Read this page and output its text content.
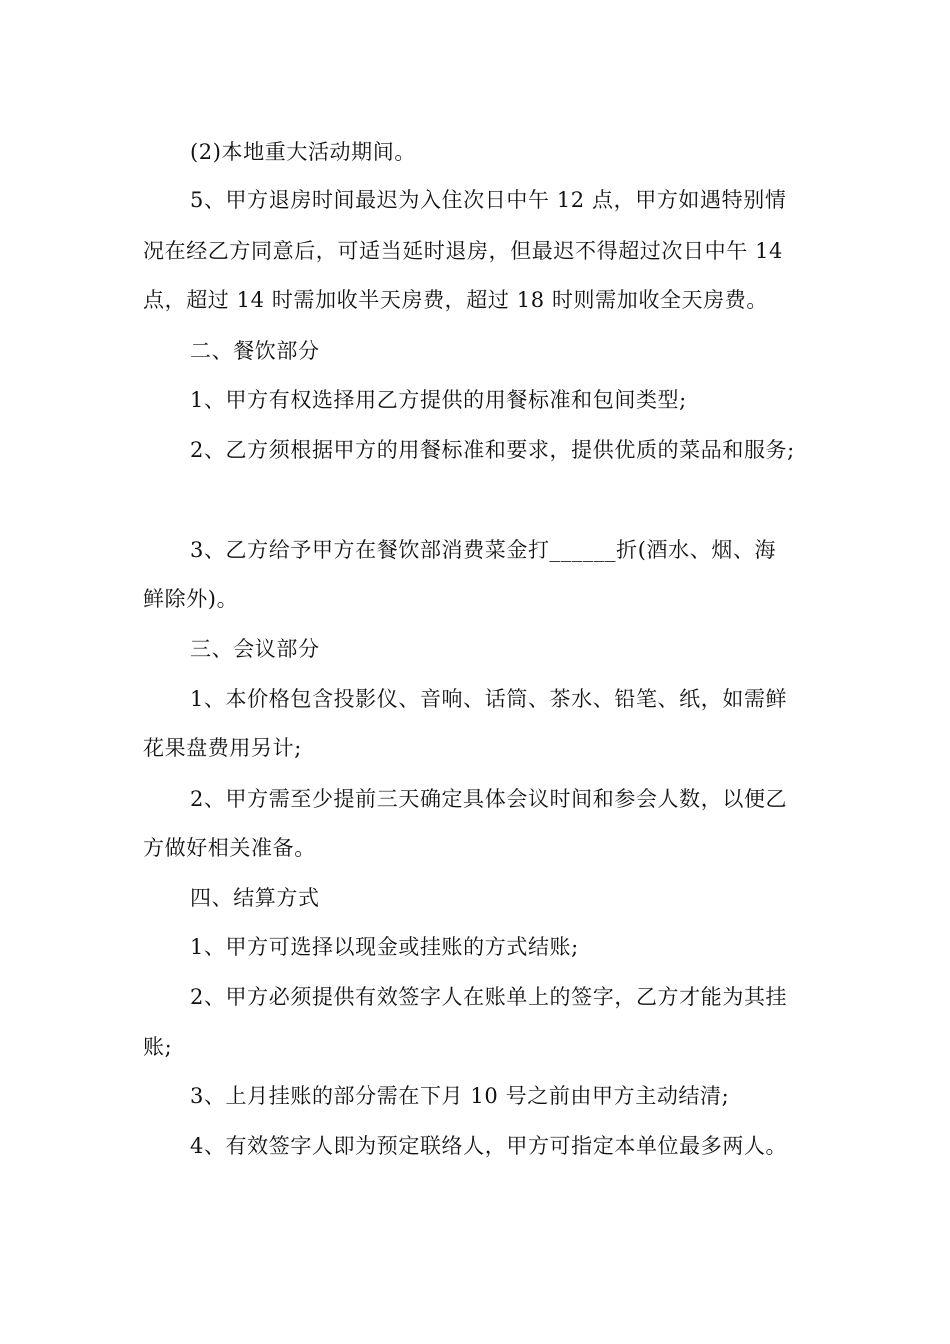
(2)本地重大活动期间。
5、甲方退房时间最迟为入住次日中午 12 点，甲方如遇特别情
况在经乙方同意后，可适当延时退房，但最迟不得超过次日中午 14
点，超过 14 时需加收半天房费，超过 18 时则需加收全天房费。
二、餐饮部分
1、甲方有权选择用乙方提供的用餐标准和包间类型;
2、乙方须根据甲方的用餐标准和要求，提供优质的菜品和服务;
3、乙方给予甲方在餐饮部消费菜金打______折(酒水、烟、海
鲜除外)。
三、会议部分
1、本价格包含投影仪、音响、话筒、茶水、铅笔、纸，如需鲜
花果盘费用另计;
2、甲方需至少提前三天确定具体会议时间和参会人数，以便乙
方做好相关准备。
四、结算方式
1、甲方可选择以现金或挂账的方式结账;
2、甲方必须提供有效签字人在账单上的签字，乙方才能为其挂
账;
3、上月挂账的部分需在下月 10 号之前由甲方主动结清;
4、有效签字人即为预定联络人，甲方可指定本单位最多两人。
